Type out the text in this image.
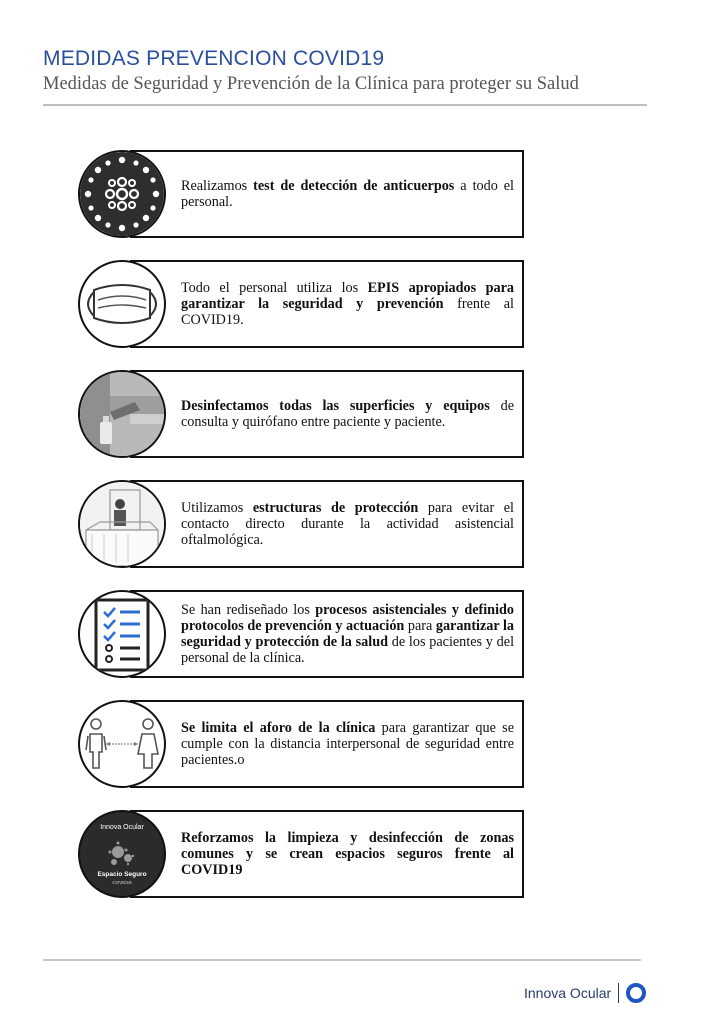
MEDIDAS PREVENCION COVID19
Medidas de Seguridad y Prevención de la Clínica para proteger su Salud
Realizamos test de detección de anticuerpos a todo el personal.
Todo el personal utiliza los EPIS apropiados para garantizar la seguridad y prevención frente al COVID19.
Desinfectamos todas las superficies y equipos de consulta y quirófano entre paciente y paciente.
Utilizamos estructuras de protección para evitar el contacto directo durante la actividad asistencial oftalmológica.
Se han rediseñado los procesos asistenciales y definido protocolos de prevención y actuación para garantizar la seguridad y protección de la salud de los pacientes y del personal de la clínica.
Se limita el aforo de la clínica para garantizar que se cumple con la distancia interpersonal de seguridad entre pacientes.o
Reforzamos la limpieza y desinfección de zonas comunes y se crean espacios seguros frente al COVID19
Innova Ocular
Espacio Seguro
COVID19
Innova Ocular
